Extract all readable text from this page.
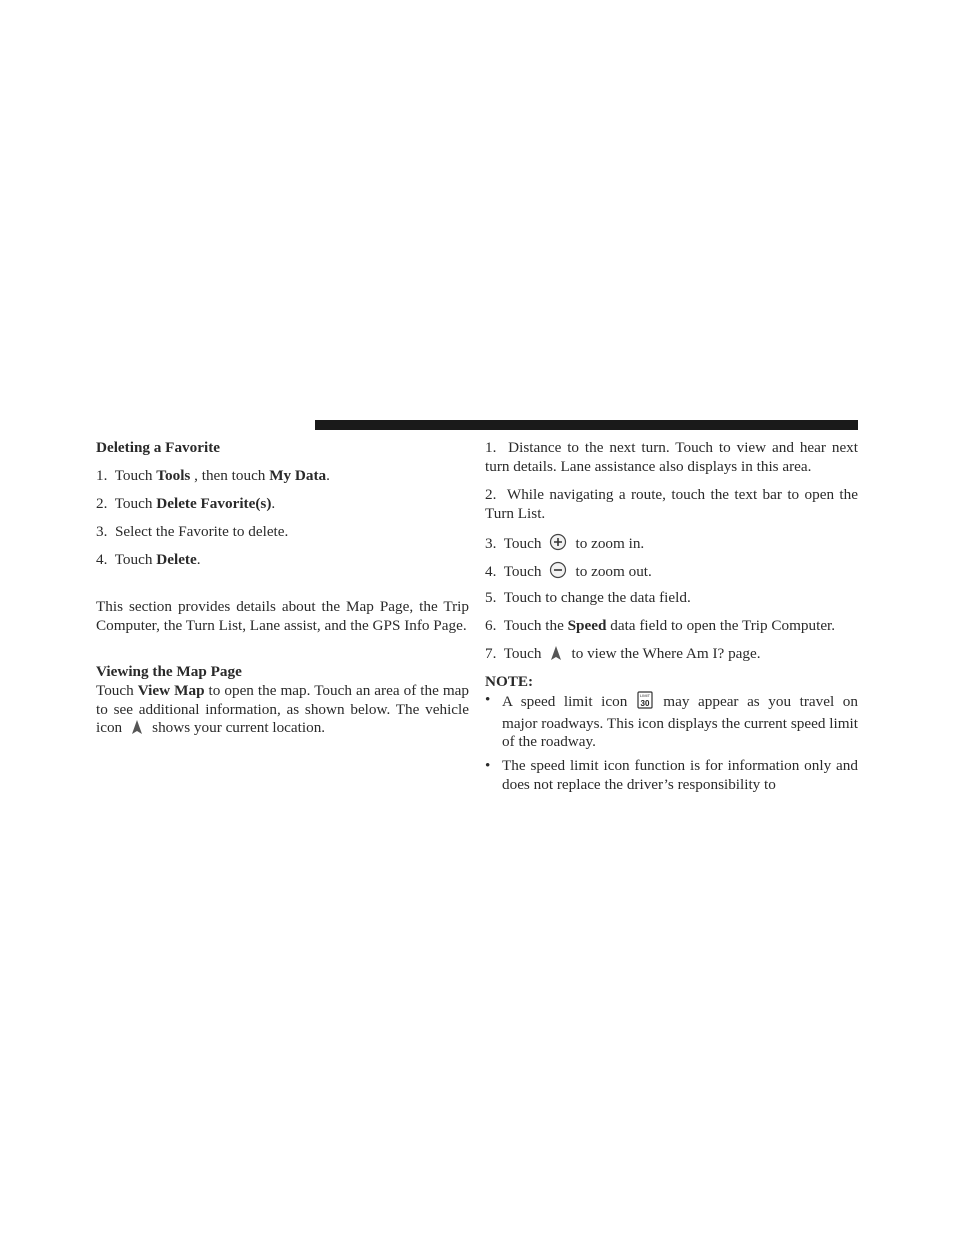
Deleting a Favorite

1. Touch Tools , then touch My Data.

2. Touch Delete Favorite(s).

3. Select the Favorite to delete.

4. Touch Delete.

This section provides details about the Map Page, the Trip Computer, the Turn List, Lane assist, and the GPS Info Page.

Viewing the Map Page

Touch View Map to open the map. Touch an area of the map to see additional information, as shown below. The vehicle icon shows your current location.

1. Distance to the next turn. Touch to view and hear next turn details. Lane assistance also displays in this area.

2. While navigating a route, touch the text bar to open the Turn List.

3. Touch to zoom in.

4. Touch to zoom out.

5. Touch to change the data field.

6. Touch the Speed data field to open the Trip Computer.

7. Touch to view the Where Am I? page.

NOTE:

• A speed limit icon	LIMIT
30 may appear as you travel on major roadways. This icon displays the current speed limit of the roadway.

• The speed limit icon function is for information only and does not replace the driver’s responsibility to
